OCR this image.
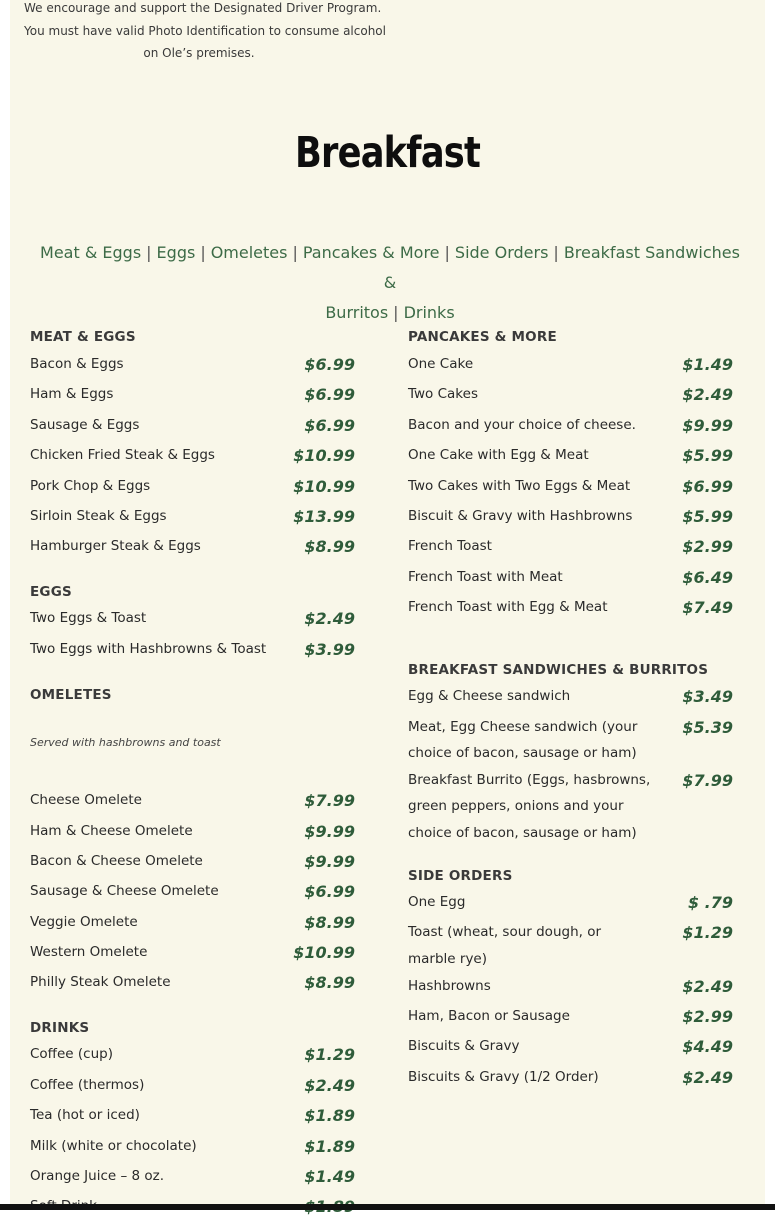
We encourage and support the Designated Driver Program.
You must have valid Photo Identification to consume alcohol
on Ole’s premises.
Breakfast
Meat & Eggs | Eggs | Omeletes | Pancakes & More | Side Orders | Breakfast Sandwiches &
Burritos | Drinks
MEAT & EGGS
Bacon & Eggs	$6.99
Ham & Eggs	$6.99
Sausage & Eggs	$6.99
Chicken Fried Steak & Eggs	$10.99
Pork Chop & Eggs	$10.99
Sirloin Steak & Eggs	$13.99
Hamburger Steak & Eggs	$8.99
EGGS
Two Eggs & Toast	$2.49
Two Eggs with Hashbrowns & Toast	$3.99
OMELETES
Served with hashbrowns and toast
Cheese Omelete	$7.99
Ham & Cheese Omelete	$9.99
Bacon & Cheese Omelete	$9.99
Sausage & Cheese Omelete	$6.99
Veggie Omelete	$8.99
Western Omelete	$10.99
Philly Steak Omelete	$8.99
DRINKS
Coffee (cup)	$1.29
Coffee (thermos)	$2.49
Tea (hot or iced)	$1.89
Milk (white or chocolate)	$1.89
Orange Juice – 8 oz.	$1.49
PANCAKES & MORE
One Cake	$1.49
Two Cakes	$2.49
Bacon and your choice of cheese.	$9.99
One Cake with Egg & Meat	$5.99
Two Cakes with Two Eggs & Meat	$6.99
Biscuit & Gravy with Hashbrowns	$5.99
French Toast	$2.99
French Toast with Meat	$6.49
French Toast with Egg & Meat	$7.49
BREAKFAST SANDWICHES & BURRITOS
Egg & Cheese sandwich	$3.49
Meat, Egg Cheese sandwich (your
choice of bacon, sausage or ham)
$5.39
Breakfast Burrito (Eggs, hasbrowns,
green peppers, onions and your
choice of bacon, sausage or ham)
$7.99
SIDE ORDERS
One Egg	$ .79
Toast (wheat, sour dough, or
marble rye)
$1.29
Hashbrowns	$2.49
Ham, Bacon or Sausage	$2.99
Biscuits & Gravy	$4.49
Biscuits & Gravy (1/2 Order)	$2.49
